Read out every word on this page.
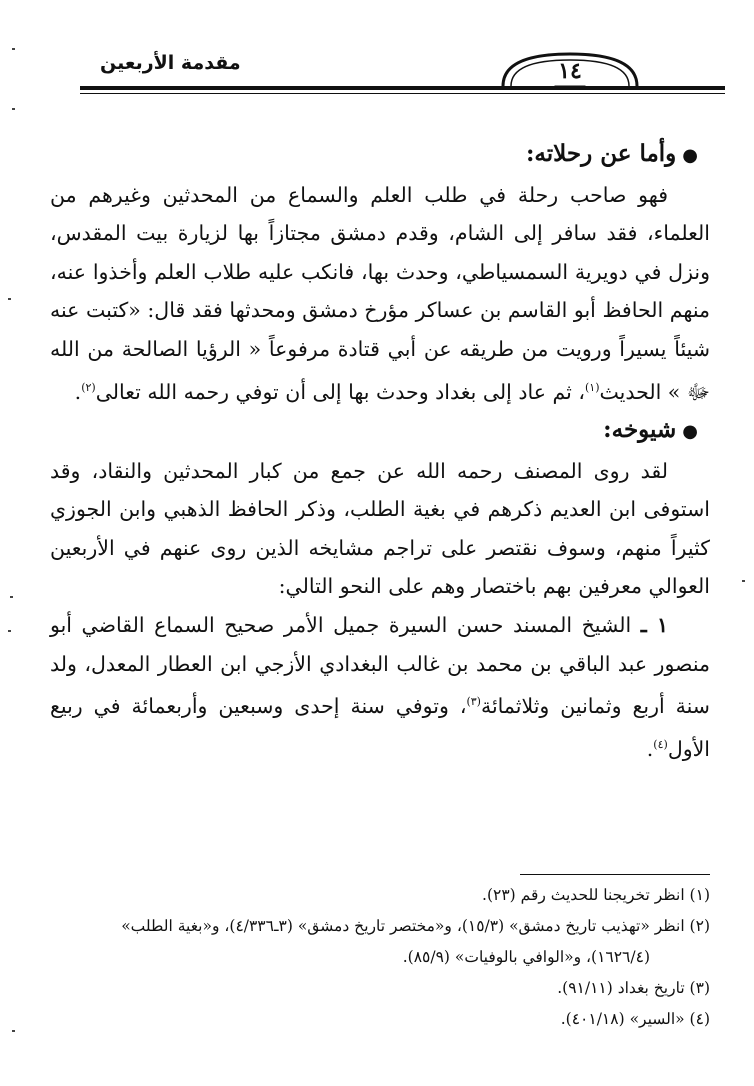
مقدمة الأربعين	١٤

●وأما عن رحلاته:

فهو صاحب رحلة في طلب العلم والسماع من المحدثين وغيرهم من العلماء، فقد سافر إلى الشام، وقدم دمشق مجتازاً بها لزيارة بيت المقدس، ونزل في دويرية السمسياطي، وحدث بها، فانكب عليه طلاب العلم وأخذوا عنه، منهم الحافظ أبو القاسم بن عساكر مؤرخ دمشق ومحدثها فقد قال: «كتبت عنه شيئاً يسيراً ورويت من طريقه عن أبي قتادة مرفوعاً « الرؤيا الصالحة من الله ﷻ » الحديث$^{(١)}$، ثم عاد إلى بغداد وحدث بها إلى أن توفي رحمه الله تعالى$^{(٢)}$.

●شيوخه:

لقد روى المصنف رحمه الله عن جمع من كبار المحدثين والنقاد، وقد استوفى ابن العديم ذكرهم في بغية الطلب، وذكر الحافظ الذهبي وابن الجوزي كثيراً منهم، وسوف نقتصر على تراجم مشايخه الذين روى عنهم في الأربعين العوالي معرفين بهم باختصار وهم على النحو التالي:

١ ـ الشيخ المسند حسن السيرة جميل الأمر صحيح السماع القاضي أبو منصور عبد الباقي بن محمد بن غالب البغدادي الأزجي ابن العطار المعدل، ولد سنة أربع وثمانين وثلاثمائة$^{(٣)}$، وتوفي سنة إحدى وسبعين وأربعمائة في ربيع الأول$^{(٤)}$.

(١) انظر تخريجنا للحديث رقم (٢٣).

(٢) انظر «تهذيب تاريخ دمشق» (١٥/٣)، و«مختصر تاريخ دمشق» (٣ـ٤/٣٣٦)، و«بغية الطلب»

(١٦٢٦/٤)، و«الوافي بالوفيات» (٨٥/٩).

(٣) تاريخ بغداد (٩١/١١).

(٤) «السير» (٤٠١/١٨).
